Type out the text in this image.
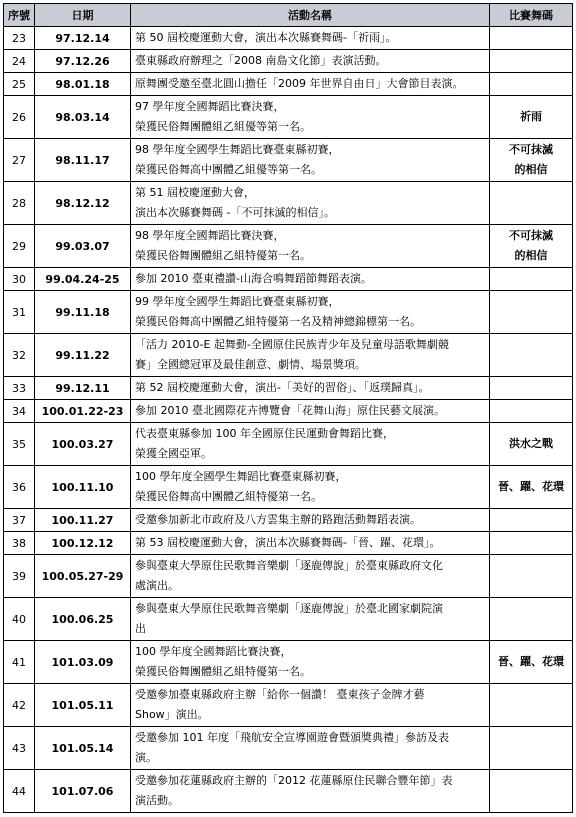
序號	日期	活動名稱	比賽舞碼
23	97.12.14	第 50 屆校慶運動大會，演出本次縣賽舞碼-「祈雨」。	

24	97.12.26	臺東縣政府辦理之「2008 南島文化節」表演活動。	

25	98.01.18	原舞團受邀至臺北圓山擔任「2009 年世界自由日」大會節目表演。	

26	98.03.14	97 學年度全國舞蹈比賽決賽，
榮獲民俗舞團體組乙組優等第一名。	祈雨

27	98.11.17	98 學年度全國學生舞蹈比賽臺東縣初賽，
榮獲民俗舞高中團體乙組優等第一名。	不可抹滅
的相信

28	98.12.12	第 51 屆校慶運動大會，
演出本次縣賽舞碼 -「不可抹滅的相信」。	

29	99.03.07	98 學年度全國舞蹈比賽決賽，
榮獲民俗舞團體組乙組特優第一名。	不可抹滅
的相信

30	99.04.24-25	參加 2010 臺東禮讚-山海合鳴舞蹈節舞蹈表演。	

31	99.11.18	99 學年度全國學生舞蹈比賽臺東縣初賽，
榮獲民俗舞高中團體乙組特優第一名及精神總錦標第一名。	

32	99.11.22	「活力 2010-E 起舞動-全國原住民族青少年及兒童母語歌舞劇競
賽」全國總冠軍及最佳創意、劇情、場景獎項。	

33	99.12.11	第 52 屆校慶運動大會，演出-「美好的習俗」、「返璞歸真」。	

34	100.01.22-23	參加 2010 臺北國際花卉博覽會「花舞山海」原住民藝文展演。	

35	100.03.27	代表臺東縣參加 100 年全國原住民運動會舞蹈比賽，
榮獲全國亞軍。	洪水之戰

36	100.11.10	100 學年度全國學生舞蹈比賽臺東縣初賽，
榮獲民俗舞高中團體乙組特優第一名。	晉、躍、花環

37	100.11.27	受邀參加新北市政府及八方雲集主辦的路跑活動舞蹈表演。	

38	100.12.12	第 53 屆校慶運動大會，演出本次縣賽舞碼-「晉、躍、花環」。	

39	100.05.27-29	參與臺東大學原住民歌舞音樂劇「逐鹿傳說」於臺東縣政府文化
處演出。	

40	100.06.25	參與臺東大學原住民歌舞音樂劇「逐鹿傳說」於臺北國家劇院演
出	

41	101.03.09	100 學年度全國舞蹈比賽決賽，
榮獲民俗舞團體組乙組特優第一名。	晉、躍、花環

42	101.05.11	受邀參加臺東縣政府主辦「給你一個讚！ 臺東孩子金牌才藝
Show」演出。	

43	101.05.14	受邀參加 101 年度「飛航安全宣導園遊會暨頒獎典禮」參訪及表
演。	

44	101.07.06	受邀參加花蓮縣政府主辦的「2012 花蓮縣原住民聯合豐年節」表
演活動。	
